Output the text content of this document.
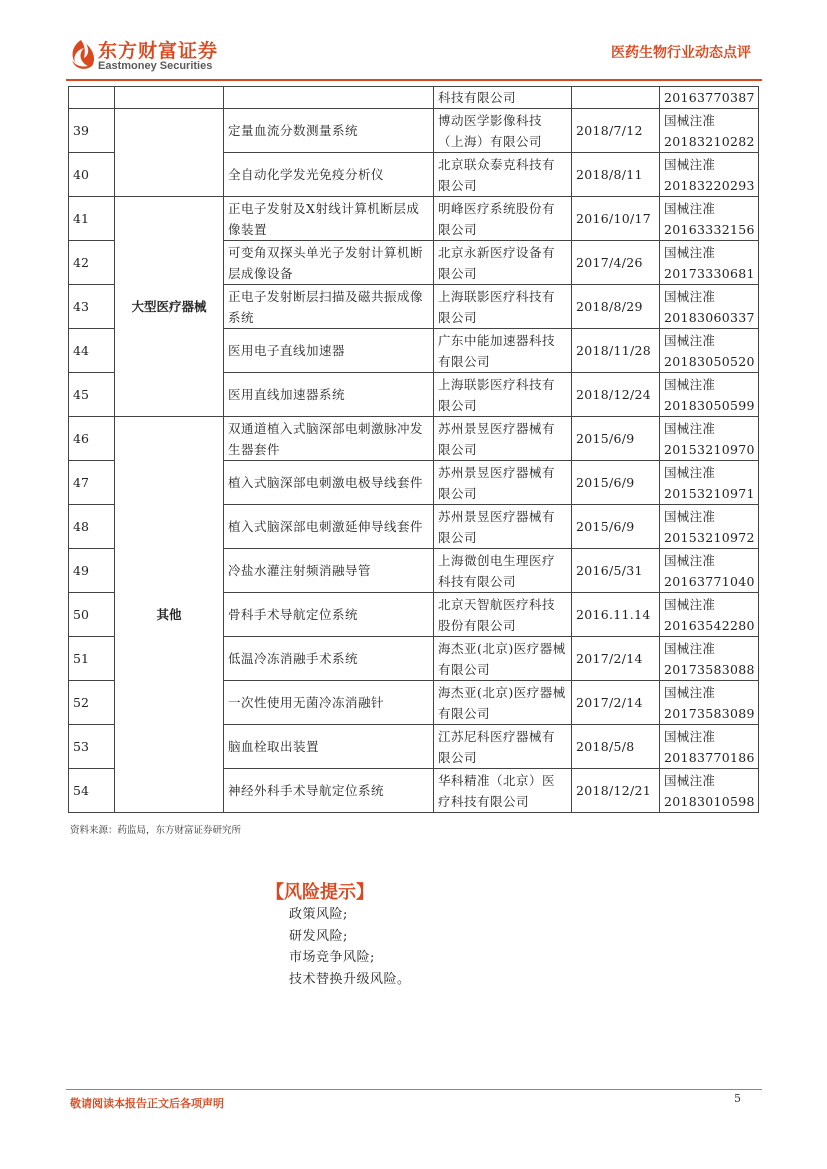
东方财富证券
Eastmoney Securities
医药生物行业动态点评
			科技有限公司		20163770387
39		定量血流分数测量系统	博动医学影像科技（上海）有限公司	2018/7/12	国械注准20183210282
40		全自动化学发光免疫分析仪	北京联众泰克科技有限公司	2018/8/11	国械注准20183220293
41	大型医疗器械	正电子发射及X射线计算机断层成像装置	明峰医疗系统股份有限公司	2016/10/17	国械注准20163332156
42		可变角双探头单光子发射计算机断层成像设备	北京永新医疗设备有限公司	2017/4/26	国械注准20173330681
43		正电子发射断层扫描及磁共振成像系统	上海联影医疗科技有限公司	2018/8/29	国械注准20183060337
44		医用电子直线加速器	广东中能加速器科技有限公司	2018/11/28	国械注准20183050520
45		医用直线加速器系统	上海联影医疗科技有限公司	2018/12/24	国械注准20183050599
46	其他	双通道植入式脑深部电刺激脉冲发生器套件	苏州景昱医疗器械有限公司	2015/6/9	国械注准20153210970
47		植入式脑深部电刺激电极导线套件	苏州景昱医疗器械有限公司	2015/6/9	国械注准20153210971
48		植入式脑深部电刺激延伸导线套件	苏州景昱医疗器械有限公司	2015/6/9	国械注准20153210972
49		冷盐水灌注射频消融导管	上海微创电生理医疗科技有限公司	2016/5/31	国械注准20163771040
50		骨科手术导航定位系统	北京天智航医疗科技股份有限公司	2016.11.14	国械注准20163542280
51		低温冷冻消融手术系统	海杰亚(北京)医疗器械有限公司	2017/2/14	国械注准20173583088
52		一次性使用无菌冷冻消融针	海杰亚(北京)医疗器械有限公司	2017/2/14	国械注准20173583089
53		脑血栓取出装置	江苏尼科医疗器械有限公司	2018/5/8	国械注准20183770186
54		神经外科手术导航定位系统	华科精准（北京）医疗科技有限公司	2018/12/21	国械注准20183010598
资料来源：药监局，东方财富证券研究所
【风险提示】
政策风险;
研发风险;
市场竞争风险;
技术替换升级风险。
敬请阅读本报告正文后各项声明	5
